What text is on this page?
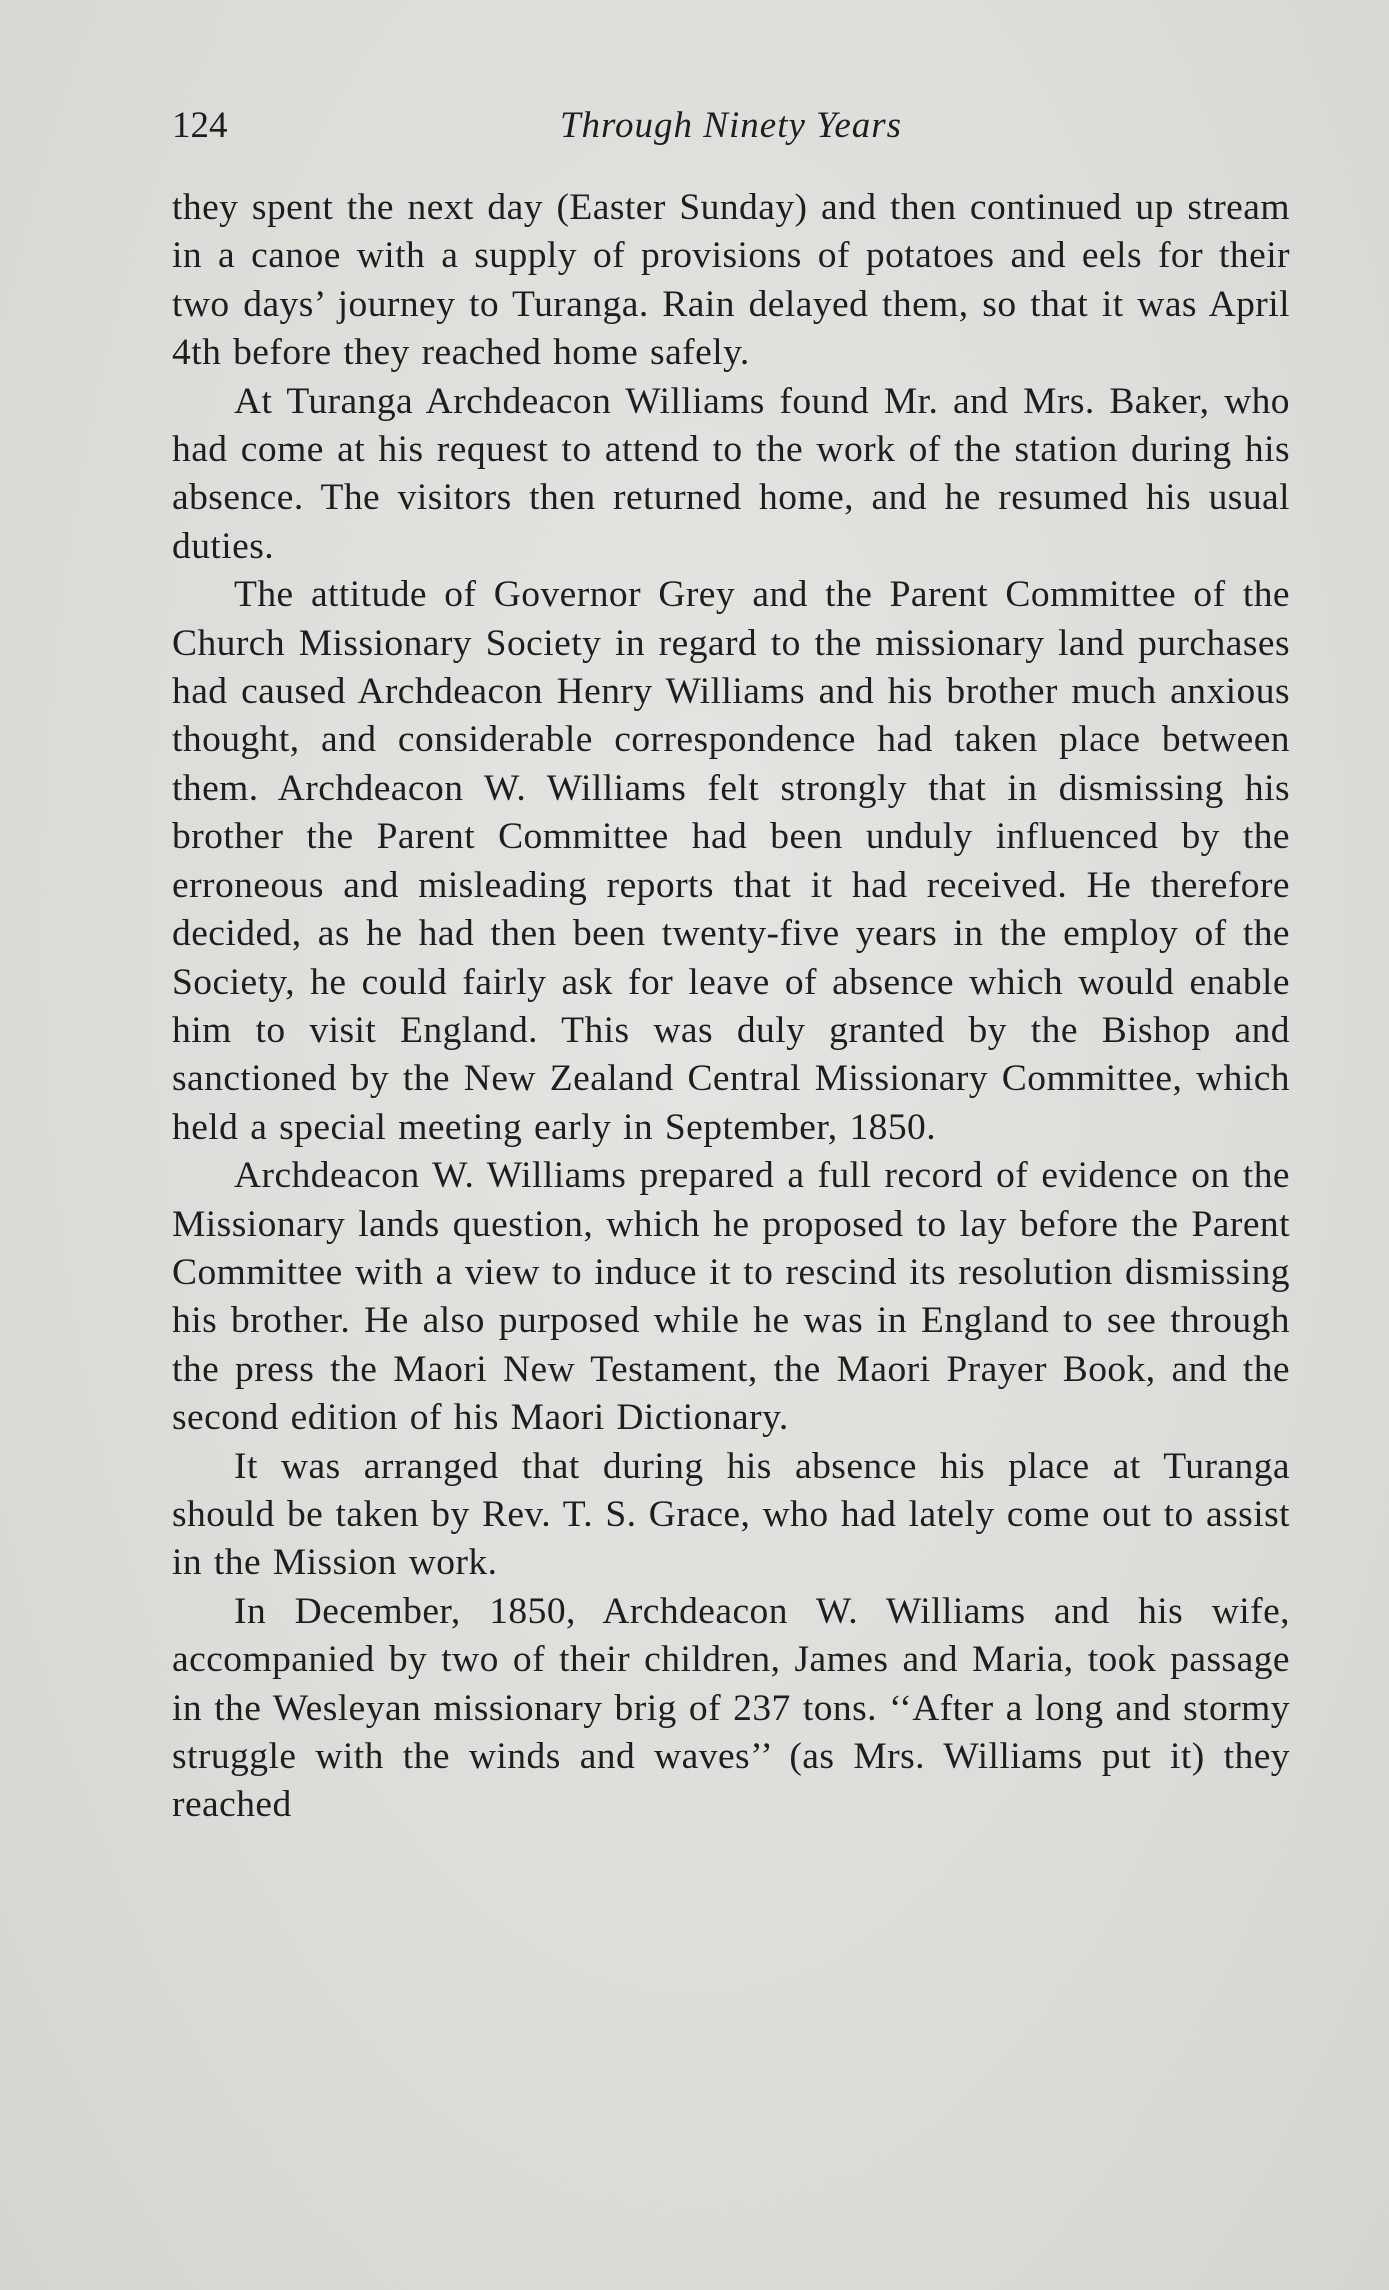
124	Through Ninety Years

they spent the next day (Easter Sunday) and then continued up stream in a canoe with a supply of provisions of potatoes and eels for their two days’ journey to Turanga. Rain delayed them, so that it was April 4th before they reached home safely.

At Turanga Archdeacon Williams found Mr. and Mrs. Baker, who had come at his request to attend to the work of the station during his absence. The visitors then returned home, and he resumed his usual duties.

The attitude of Governor Grey and the Parent Committee of the Church Missionary Society in regard to the missionary land purchases had caused Archdeacon Henry Williams and his brother much anxious thought, and considerable correspondence had taken place between them. Archdeacon W. Williams felt strongly that in dismissing his brother the Parent Committee had been unduly influenced by the erroneous and misleading reports that it had received. He therefore decided, as he had then been twenty-five years in the employ of the Society, he could fairly ask for leave of absence which would enable him to visit England. This was duly granted by the Bishop and sanctioned by the New Zealand Central Missionary Committee, which held a special meeting early in September, 1850.

Archdeacon W. Williams prepared a full record of evidence on the Missionary lands question, which he proposed to lay before the Parent Committee with a view to induce it to rescind its resolution dismissing his brother. He also purposed while he was in England to see through the press the Maori New Testament, the Maori Prayer Book, and the second edition of his Maori Dictionary.

It was arranged that during his absence his place at Turanga should be taken by Rev. T. S. Grace, who had lately come out to assist in the Mission work.

In December, 1850, Archdeacon W. Williams and his wife, accompanied by two of their children, James and Maria, took passage in the Wesleyan missionary brig of 237 tons. ‘‘After a long and stormy struggle with the winds and waves’’ (as Mrs. Williams put it) they reached
